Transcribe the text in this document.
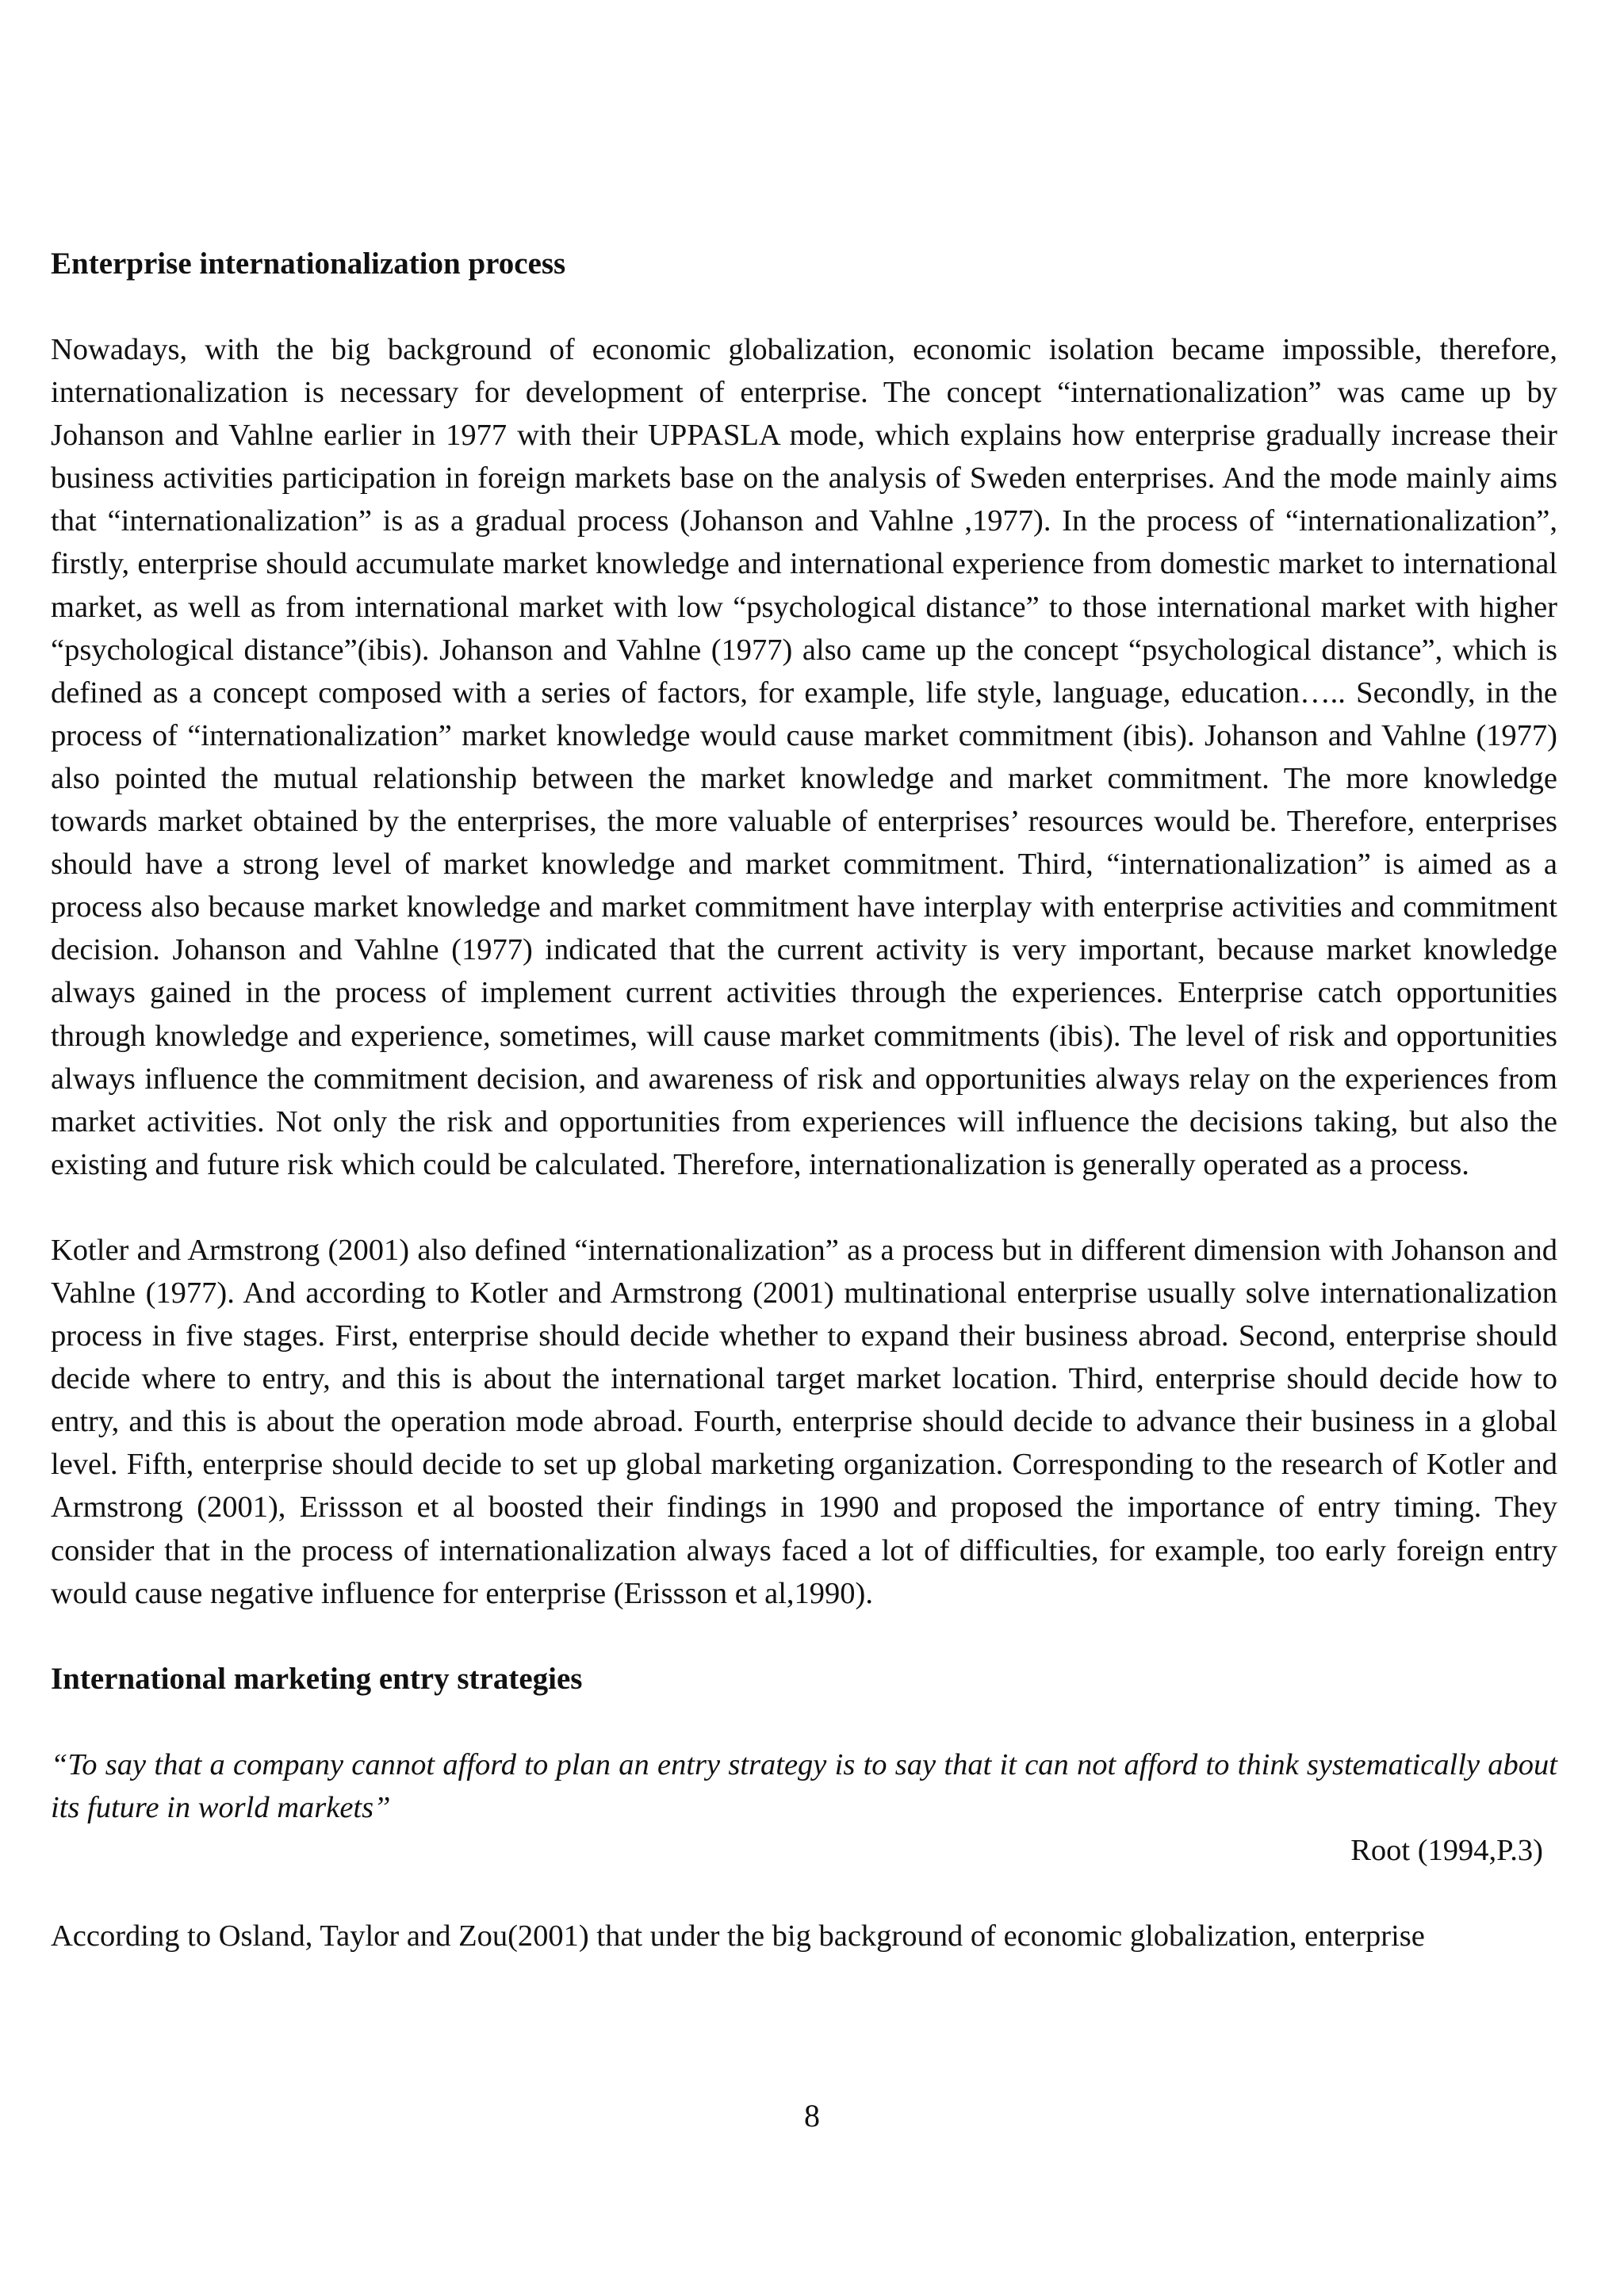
Enterprise internationalization process

Nowadays, with the big background of economic globalization, economic isolation became impossible, therefore, internationalization is necessary for development of enterprise. The concept “internationalization” was came up by Johanson and Vahlne earlier in 1977 with their UPPASLA mode, which explains how enterprise gradually increase their business activities participation in foreign markets base on the analysis of Sweden enterprises. And the mode mainly aims that “internationalization” is as a gradual process (Johanson and Vahlne ,1977). In the process of “internationalization”, firstly, enterprise should accumulate market knowledge and international experience from domestic market to international market, as well as from international market with low “psychological distance” to those international market with higher “psychological distance”(ibis). Johanson and Vahlne (1977) also came up the concept “psychological distance”, which is defined as a concept composed with a series of factors, for example, life style, language, education….. Secondly, in the process of “internationalization” market knowledge would cause market commitment (ibis). Johanson and Vahlne (1977) also pointed the mutual relationship between the market knowledge and market commitment. The more knowledge towards market obtained by the enterprises, the more valuable of enterprises’ resources would be. Therefore, enterprises should have a strong level of market knowledge and market commitment. Third, “internationalization” is aimed as a process also because market knowledge and market commitment have interplay with enterprise activities and commitment decision. Johanson and Vahlne (1977) indicated that the current activity is very important, because market knowledge always gained in the process of implement current activities through the experiences. Enterprise catch opportunities through knowledge and experience, sometimes, will cause market commitments (ibis). The level of risk and opportunities always influence the commitment decision, and awareness of risk and opportunities always relay on the experiences from market activities. Not only the risk and opportunities from experiences will influence the decisions taking, but also the existing and future risk which could be calculated. Therefore, internationalization is generally operated as a process.

Kotler and Armstrong (2001) also defined “internationalization” as a process but in different dimension with Johanson and Vahlne (1977). And according to Kotler and Armstrong (2001) multinational enterprise usually solve internationalization process in five stages. First, enterprise should decide whether to expand their business abroad. Second, enterprise should decide where to entry, and this is about the international target market location. Third, enterprise should decide how to entry, and this is about the operation mode abroad. Fourth, enterprise should decide to advance their business in a global level. Fifth, enterprise should decide to set up global marketing organization. Corresponding to the research of Kotler and Armstrong (2001), Erissson et al boosted their findings in 1990 and proposed the importance of entry timing. They consider that in the process of internationalization always faced a lot of difficulties, for example, too early foreign entry would cause negative influence for enterprise (Erissson et al,1990).

International marketing entry strategies

“To say that a company cannot afford to plan an entry strategy is to say that it can not afford to think systematically about its future in world markets”

Root (1994,P.3)

According to Osland, Taylor and Zou(2001) that under the big background of economic globalization, enterprise

8
